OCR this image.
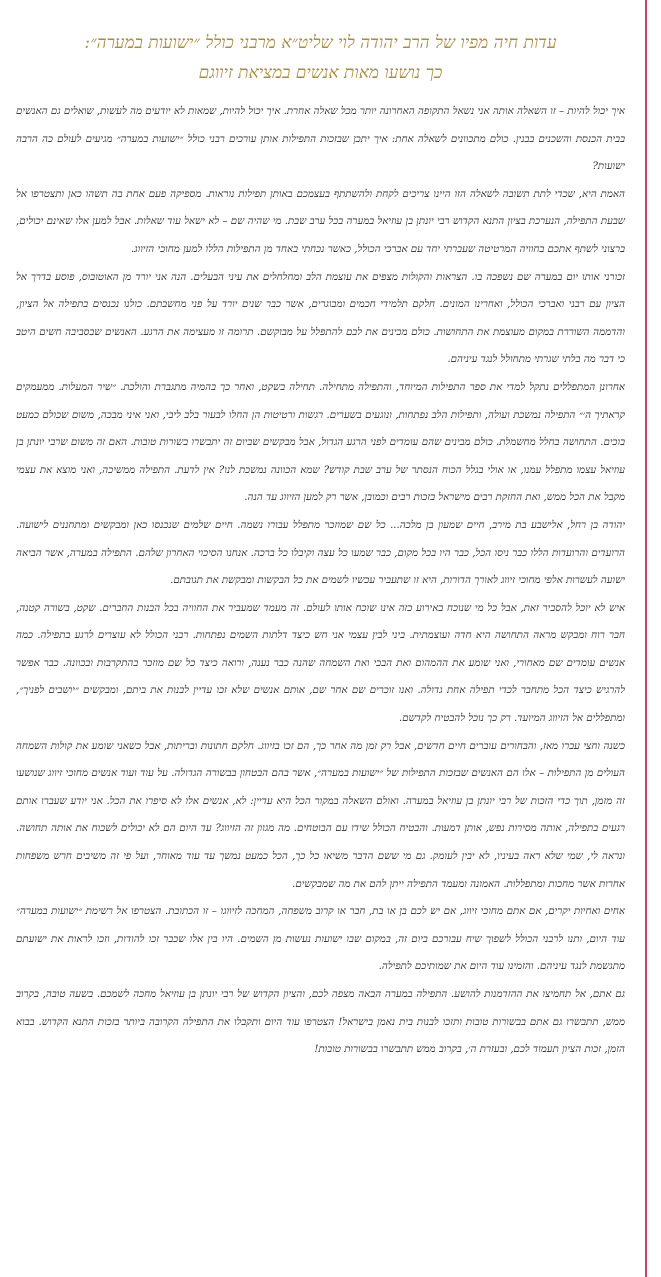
עדות חיה מפיו של הרב יהודה לוי שליט״א מרבני כולל ״ישועות במערה״:
כך נושעו מאות אנשים במציאת זיווגם

איך יכול להיות – זו השאלה אותה אני נשאל התקופה האחרונה יותר מכל שאלה אחרת. איך יכול להיות, שמאות לא יודעים מה לעשות, שואלים גם האנשים בבית הכנסת והשכנים בבנין. כולם מתכוונים לשאלה אחת: איך יתכן שבזכות התפילות אותן עורכים רבני כולל ״ישועות במערה״ מגיעים לעולם כה הרבה ישועות?

האמת היא, שכדי לתת תשובה לשאלה הזו היינו צריכים לקחת ולהשתתף בעצמכם באותן תפילות נוראות. מספיקה פעם אחת בה תשהו כאן ותצטרפו אל שבעת התפילה, הנערכת בציון התנא הקדוש רבי יונתן בן עוזיאל במערה בכל ערב שבת. מי שהיה שם – לא ישאל עוד שאלות. אבל למען אלו שאינם יכולים, ברצוני לשתף אתכם בחוויה המרטיטה שעברתי יחד עם אברכי הכולל, כאשר נכחתי באחד מן התפילות הללו למען מחוכי הזיווג.

זכורני אותו יום במערה שם נשפכה בו. הצראות והקולות מצפים את עוצמת הלב ומחלחלים את עיני הבעלים. הנה אני יורד מן האוטובוס, פוסע בדרך אל הציון עם רבני ואברכי הכולל, ואחרינו המונים. חלקם תלמידי חכמים ומבוגרים, אשר כבר שנים יורד על פני מחשבתם. כולנו נכנסים בתפילה אל הציון, והדממה השוררת במקום מעוצמת את התחושות. כולם מכינים את לבם להתפלל על מבוקשם. תרומה זו מעצימה את הרגע. האנשים שבסביבה חשים היטב כי דבר מה בלתי שגרתי מתחולל לנגד עיניהם.

אחרונן המתפללים נתקל למדי את ספר התפילות המיוחד, והתפילה מתחילה. תחילה בשקט, ואחר כך בהמיה מתגברת והולכת. ״שיר המעלות. ממעמקים קראתיך ה׳״ התפילה נמשכת ועולה, ותפילות הלב נפתחות, ונוגעים בשערים. רגשות ורטיטות הן החלו לבעור בלב ליבי, ואני איני מבכה, משום שכולם כמעט בוכים. התחושה בחלל מחשמלת. כולם מבינים שהם עומדים לפני הרגע הגדול, אבל מבקשים שביום זה יתבשרו בשורות טובות. האם זה משום שרבי יונתן בן עוזיאל עצמו מתפלל עמנו, או אולי בגלל הכוח הנסתר של ערב שבת קודש? שמא הכוונה נמשכת לנו? אין לדעת. התפילה ממשיכה, ואני מוצא את עצמי מקבל את הכל ממש, ואת החזקת רבים מישראל בזכות רבים וכמובן, אשר רק למען הזיווג עד הנה.

יהודה בן רחל, אלישבע בת מירב, חיים שמעון בן מלכה... כל שם שמוזכר מתפלל עבורו נשמה. חיים שלמים שנכנסו כאן ומבקשים ומתחננים לישועה. הרועדים והרועדות הללו כבר ניסו הכל, כבר היו בכל מקום, כבר שמעו כל עצה וקיבלו כל ברכה. אנחנו הסיכוי האחרון שלהם. התפילה במערה, אשר הביאה ישועה לעשרות אלפי מחוכי זיווג לאורך הדורות, היא זו שתעביר עכשיו לשמים את כל הבקשות ומבקשת את תגובתם.

איש לא יוכל להסביר זאת, אבל כל מי שנוכח באירוע כזה אינו שוכח אותו לעולם. זה מעמד שמעביר את החוויה בכל הבנות החברים. שקט, בשורה קטנה, חבר רוח ומבקש מראה התחושה היא חדה ועוצמתית. ביני לבין עצמי אני חש כיצד דלתות השמים נפתחות. רבני הכולל לא עוצרים לרגע בתפילה. כמה אנשים עומדים שם מאחורי, ואני שומע את ההמהום ואת הבכי ואת השמחה שהנה כבר נענה, ורואה כיצד כל שם מוזכר בהתקרבות ובכוונה. כבר אפשר להרגיש כיצד הכל מתחבר לכדי תפילה אחת גדולה. ואנו זוכרים שם אחר שם, אותם אנשים שלא זכו עדיין לבנות את ביתם, ומבקשים ״יושבים לפניך״, ומתפללים אל הזיווג המיועד. רק כך נוכל להבטיח לקדשם.

כשנה וחצי עברו מאז, והבחורים עוברים חיים חדשים, אבל רק זמן מה אחר כך, הם זכו בזיווג. חלקם חתונות ובריתות, אבל כשאני שומע את קולות השמחה העולים מן התפילות – אלו הם האנשים שבזכות התפילות של ״ישועות במערה״, אשר בהם הבטחון בבשורה הגדולה. על עוד ועוד אנשים מחוכי זיווג שנושעו זה מזמן, תוך כדי הזכות של רבי יונתן בן עוזיאל במערה. ואולם השאלה במקור הכל היא עדיין: לא, אנשים אלו לא סיפרו את הכל. אני יודע שעברו אותם רגעים בתפילה, אותה מסירות נפש, אותן דמעות. והבטיח הכולל שידו עם הבוטחים. מה מגוון זה הזיווג? עד היום הם לא יכולים לשכוח את אותה תחושה. ונראה לי, שמי שלא ראה בעיניו, לא יבין לעומק. גם מי ששם הדבר משיאו כל כך, הכל כמעט נמשך עד עוד מאוחר, ועל פי זה משיבים חרש משפחות אחרות אשר מחכות ומתפללות. האמונה ומעמד התפילה ייתן להם את מה שמבקשים.

אחים ואחיות יקרים, אם אתם מחוכי זיווג, אם יש לכם בן או בת, חבר או קרוב משפחה, המחכה לזיווגו – זו הכתובת. הצטרפו אל רשימת ״ישועות במערה״ עוד היום, ותנו לרבני הכולל לשפוך שיח עבורכם ביום זה, במקום שבו ישועות נעשות מן השמים. היו בין אלו שכבר זכו להודות, וזכו לראות את ישועתם מתגשמת לנגד עיניהם. והזמינו עוד היום את שמותיכם לתפילה.

גם אתם, אל תחמיצו את ההזדמנות להושע. התפילה במערה הבאה מצפה לכם, והציון הקדוש של רבי יונתן בן עוזיאל מחכה לשמכם. בשעה טובה, בקרוב ממש, תתבשרו גם אתם בבשורות טובות ותזכו לבנות בית נאמן בישראל! הצטרפו עוד היום ותקבלו את התפילה הקרובה ביותר בזכות התנא הקדוש. בבוא הזמן, זכות הציון תעמוד לכם, ובעזרת ה׳, בקרוב ממש תתבשרו בבשורות טובות!
